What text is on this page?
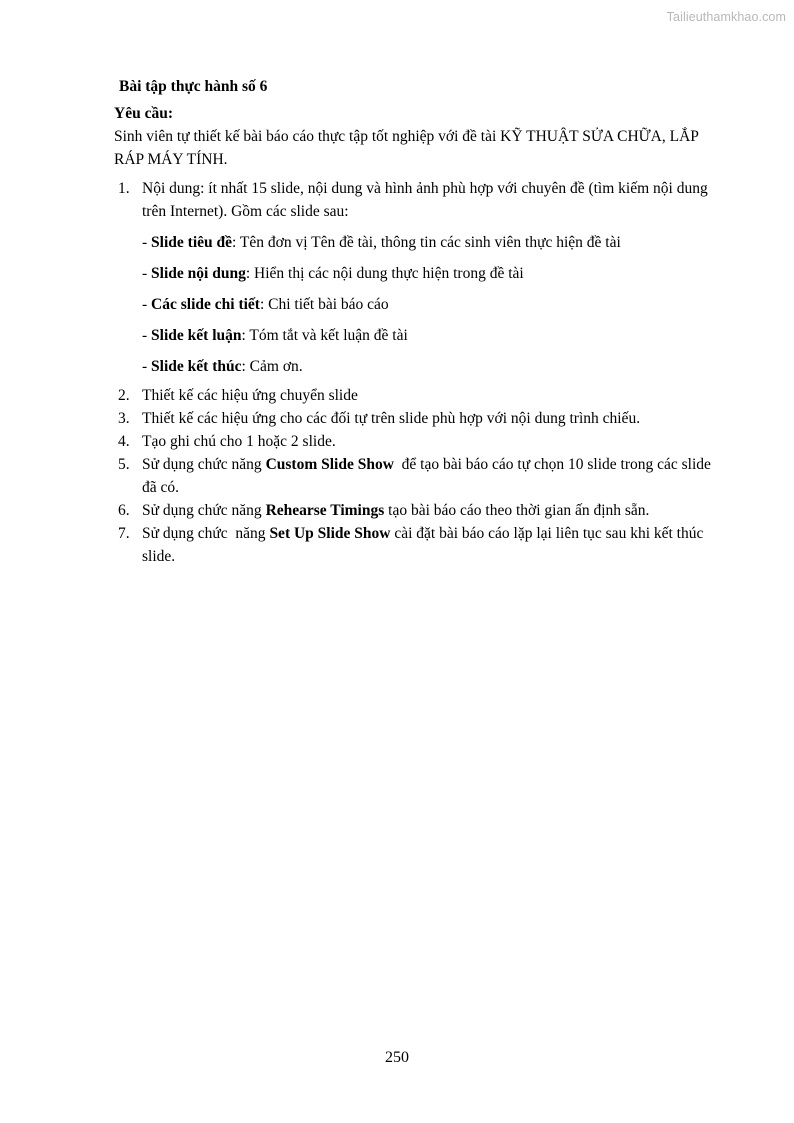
Tailieuthamkhao.com
Bài tập thực hành số 6
Yêu cầu:

Sinh viên tự thiết kế bài báo cáo thực tập tốt nghiệp với đề tài KỸ THUẬT SỬA CHỮA, LẮP RÁP MÁY TÍNH.

1. Nội dung: ít nhất 15 slide, nội dung và hình ảnh phù hợp với chuyên đề (tìm kiếm nội dung trên Internet). Gồm các slide sau:
- Slide tiêu đề: Tên đơn vị Tên đề tài, thông tin các sinh viên thực hiện đề tài
- Slide nội dung: Hiển thị các nội dung thực hiện trong đề tài
- Các slide chi tiết: Chi tiết bài báo cáo
- Slide kết luận: Tóm tắt và kết luận đề tài
- Slide kết thúc: Cảm ơn.
2. Thiết kế các hiệu ứng chuyển slide
3. Thiết kế các hiệu ứng cho các đối tự trên slide phù hợp với nội dung trình chiếu.
4. Tạo ghi chú cho 1 hoặc 2 slide.
5. Sử dụng chức năng Custom Slide Show  để tạo bài báo cáo tự chọn 10 slide trong các slide đã có.
6. Sử dụng chức năng Rehearse Timings tạo bài báo cáo theo thời gian ấn định sẵn.
7. Sử dụng chức  năng Set Up Slide Show cài đặt bài báo cáo lặp lại liên tục sau khi kết thúc slide.
250
